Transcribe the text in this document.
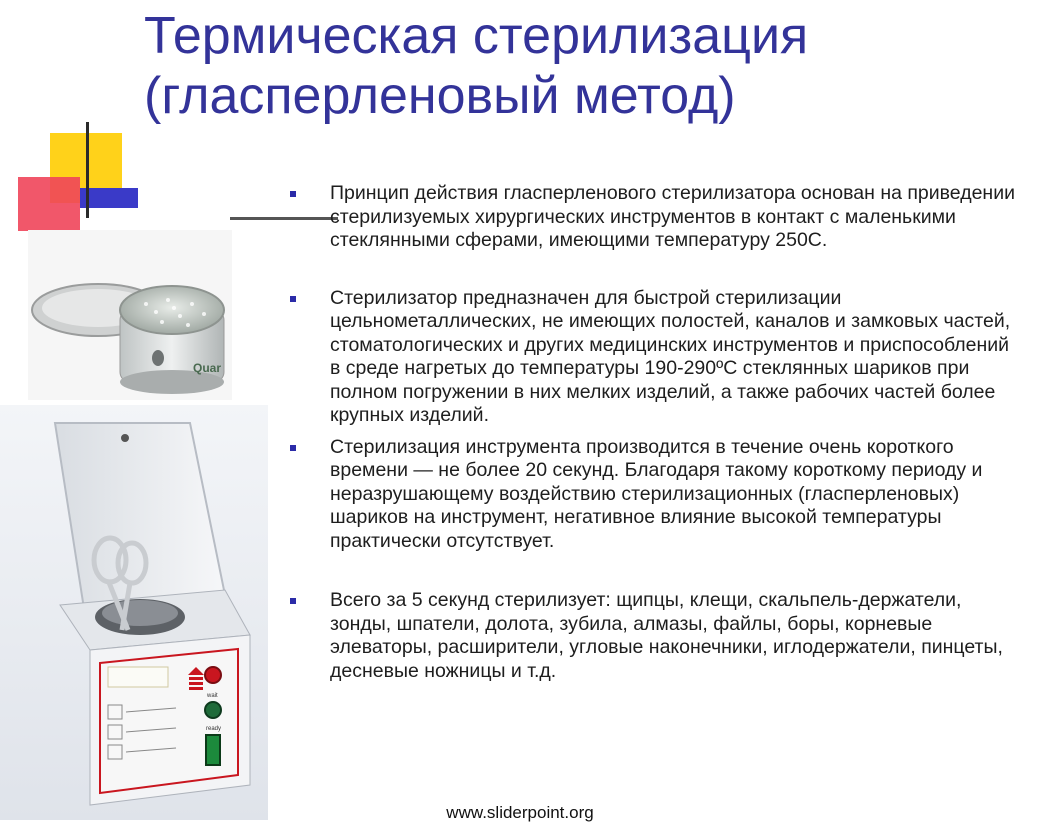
Термическая стерилизация
(гласперленовый метод)
Quar
wait
ready
Принцип действия гласперленового стерилизатора основан на приведении стерилизуемых хирургических инструментов в контакт с маленькими стеклянными сферами, имеющими температуру 250С.
Стерилизатор предназначен для быстрой стерилизации цельнометаллических, не имеющих полостей, каналов и замковых частей, стоматологических и других медицинских инструментов и приспособлений в среде нагретых до температуры 190-290ºС стеклянных шариков при полном погружении в них мелких изделий, а также рабочих частей более крупных изделий.
Стерилизация инструмента производится в течение очень короткого времени — не более 20 секунд. Благодаря такому короткому периоду и неразрушающему воздействию стерилизационных (гласперленовых) шариков на инструмент, негативное влияние высокой температуры практически отсутствует.
Всего за 5 секунд стерилизует: щипцы, клещи, скальпель-держатели, зонды, шпатели, долота, зубила, алмазы, файлы, боры, корневые элеваторы, расширители, угловые наконечники, иглодержатели, пинцеты, десневые ножницы и т.д.
www.sliderpoint.org
